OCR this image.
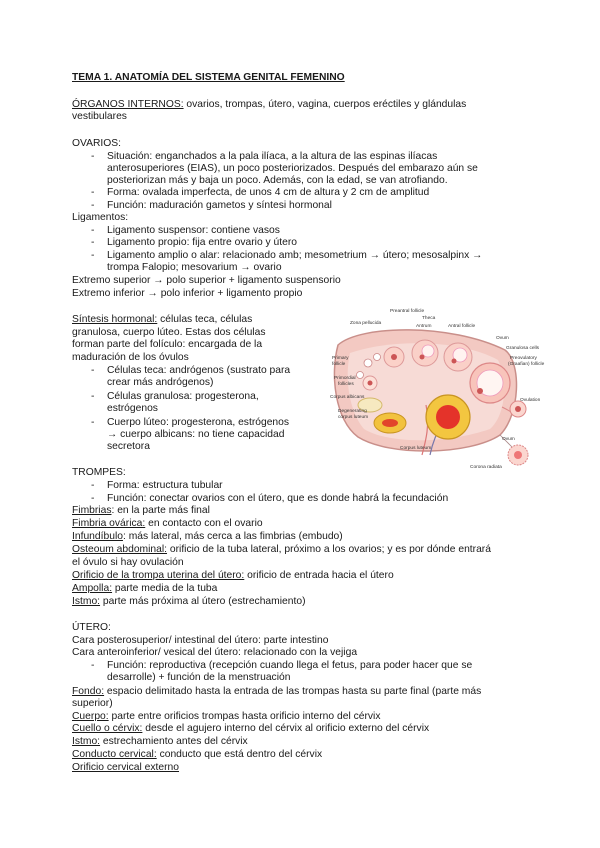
TEMA 1. ANATOMÍA DEL SISTEMA GENITAL FEMENINO
ÓRGANOS INTERNOS: ovarios, trompas, útero, vagina, cuerpos eréctiles y glándulas
vestibulares
OVARIOS:
- Situación: enganchados a la pala ilíaca, a la altura de las espinas ilíacas
anterosuperiores (EIAS), un poco posteriorizados. Después del embarazo aún se
posteriorizan más y baja un poco. Además, con la edad, se van atrofiando.
- Forma: ovalada imperfecta, de unos 4 cm de altura y 2 cm de amplitud
- Función: maduración gametos y síntesi hormonal
Ligamentos:
- Ligamento suspensor: contiene vasos
- Ligamento propio: fija entre ovario y útero
- Ligamento amplio o alar: relacionado amb; mesometrium → útero; mesosalpinx →
trompa Falopio; mesovarium → ovario
Extremo superior → polo superior + ligamento suspensorio
Extremo inferior → polo inferior + ligamento propio
Síntesis hormonal: células teca, células
granulosa, cuerpo lúteo. Estas dos células
forman parte del folículo: encargada de la
maduración de los óvulos
- Células teca: andrógenos (sustrato para
crear más andrógenos)
- Células granulosa: progesterona,
estrógenos
- Cuerpo lúteo: progesterona, estrógenos
→ cuerpo albicans: no tiene capacidad
secretora
Preantral follicle
Theca
Zona pellucida
Antrum	Antral follicle
Ovum
Granulosa cells
Preovulatory
(Graafian) follicle
Primary
follicle
Primordial
follicles
Corpus albicans
Degenerating
corpus luteum
Ovulation
Corpus luteum
Ovum
Corona radiata
TROMPES:
- Forma: estructura tubular
- Función: conectar ovarios con el útero, que es donde habrá la fecundación
Fimbrias: en la parte más final
Fimbria ovárica: en contacto con el ovario
Infundíbulo: más lateral, más cerca a las fimbrias (embudo)
Osteoum abdominal: orificio de la tuba lateral, próximo a los ovarios; y es por dónde entrará
el óvulo si hay ovulación
Orificio de la trompa uterina del útero: orificio de entrada hacia el útero
Ampolla: parte media de la tuba
Istmo: parte más próxima al útero (estrechamiento)
ÚTERO:
Cara posterosuperior/ intestinal del útero: parte intestino
Cara anteroinferior/ vesical del útero: relacionado con la vejiga
- Función: reproductiva (recepción cuando llega el fetus, para poder hacer que se
desarrolle) + función de la menstruación
Fondo: espacio delimitado hasta la entrada de las trompas hasta su parte final (parte más
superior)
Cuerpo: parte entre orificios trompas hasta orificio interno del cérvix
Cuello o cérvix: desde el agujero interno del cérvix al orificio externo del cérvix
Istmo: estrechamiento antes del cérvix
Conducto cervical: conducto que está dentro del cérvix
Orificio cervical externo
